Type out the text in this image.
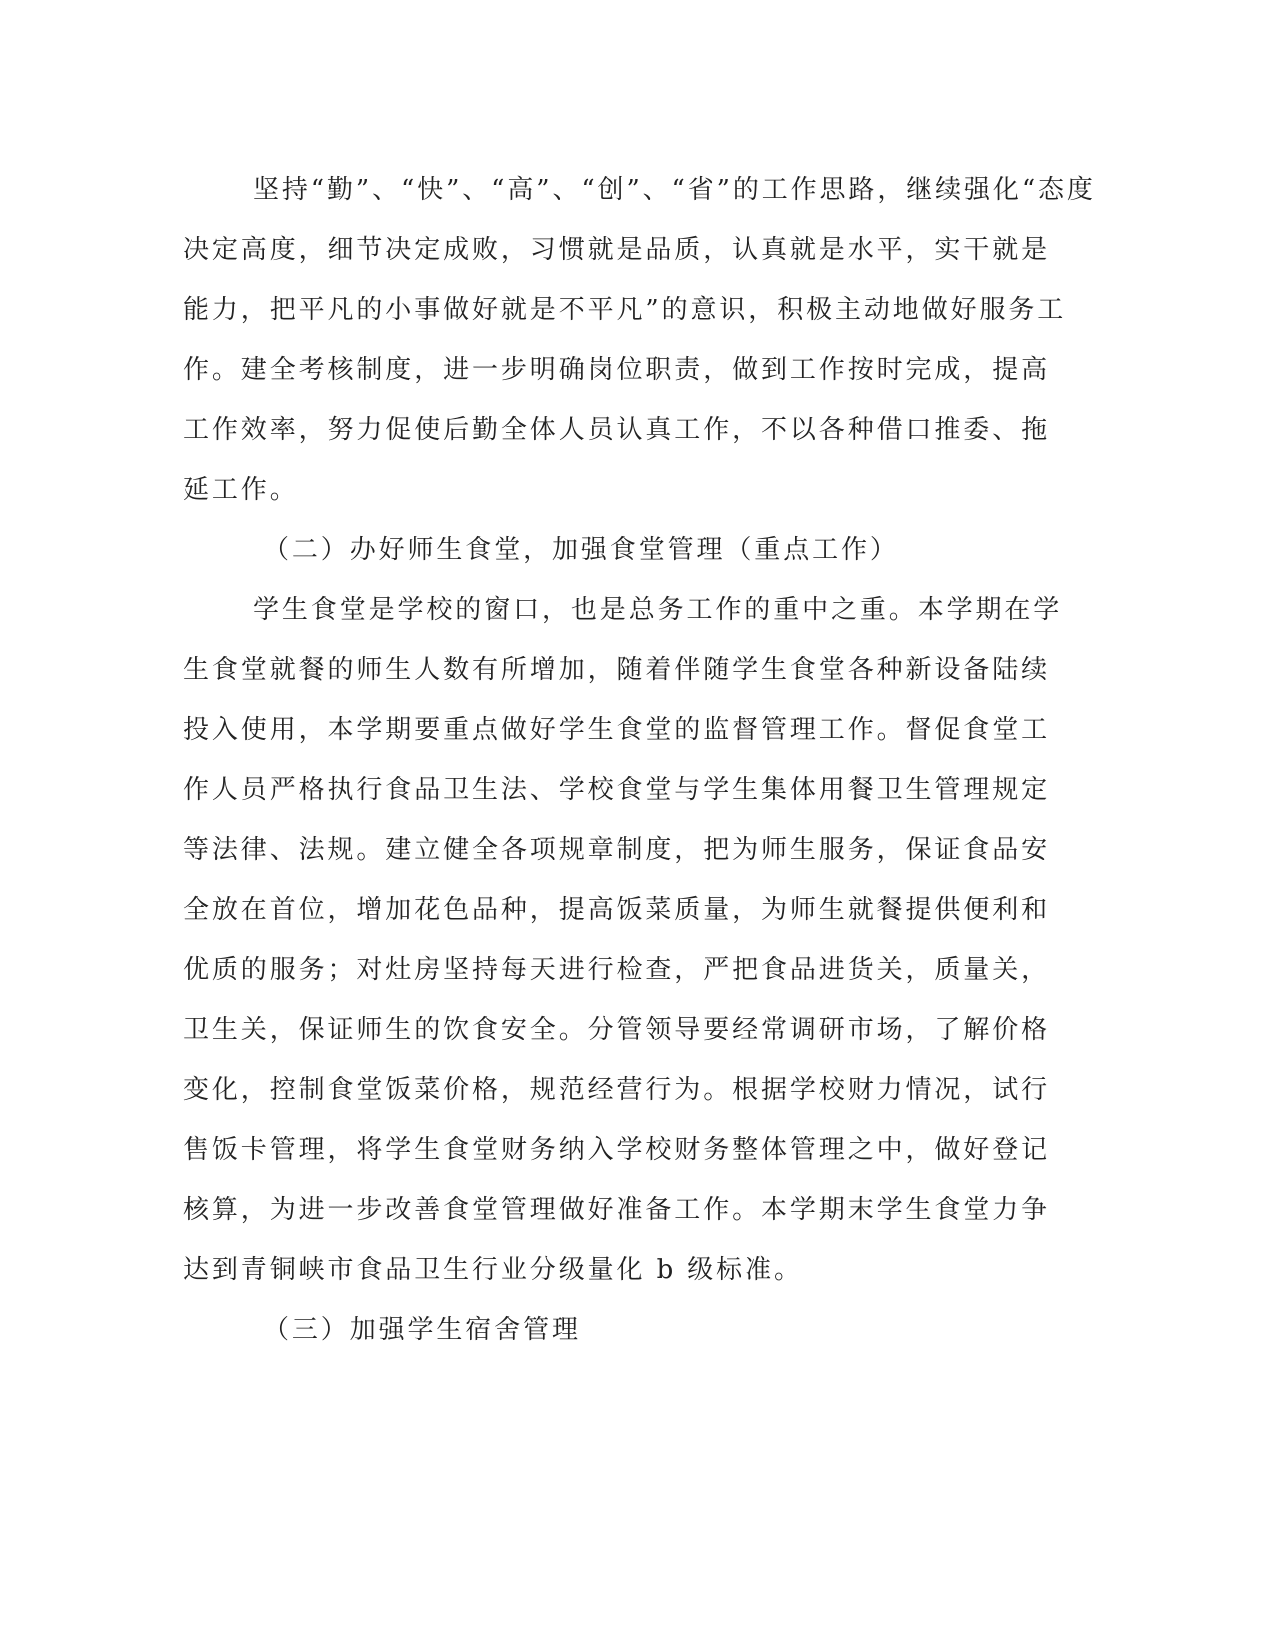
坚持“勤”、“快”、“高”、“创”、“省”的工作思路，继续强化“态度
决定高度，细节决定成败，习惯就是品质，认真就是水平，实干就是
能力，把平凡的小事做好就是不平凡”的意识，积极主动地做好服务工
作。建全考核制度，进一步明确岗位职责，做到工作按时完成，提高
工作效率，努力促使后勤全体人员认真工作，不以各种借口推委、拖
延工作。
（二）办好师生食堂，加强食堂管理（重点工作）
学生食堂是学校的窗口，也是总务工作的重中之重。本学期在学
生食堂就餐的师生人数有所增加，随着伴随学生食堂各种新设备陆续
投入使用，本学期要重点做好学生食堂的监督管理工作。督促食堂工
作人员严格执行食品卫生法、学校食堂与学生集体用餐卫生管理规定
等法律、法规。建立健全各项规章制度，把为师生服务，保证食品安
全放在首位，增加花色品种，提高饭菜质量，为师生就餐提供便利和
优质的服务；对灶房坚持每天进行检查，严把食品进货关，质量关，
卫生关，保证师生的饮食安全。分管领导要经常调研市场，了解价格
变化，控制食堂饭菜价格，规范经营行为。根据学校财力情况，试行
售饭卡管理，将学生食堂财务纳入学校财务整体管理之中，做好登记
核算，为进一步改善食堂管理做好准备工作。本学期末学生食堂力争
达到青铜峡市食品卫生行业分级量化 b 级标准。
（三）加强学生宿舍管理
